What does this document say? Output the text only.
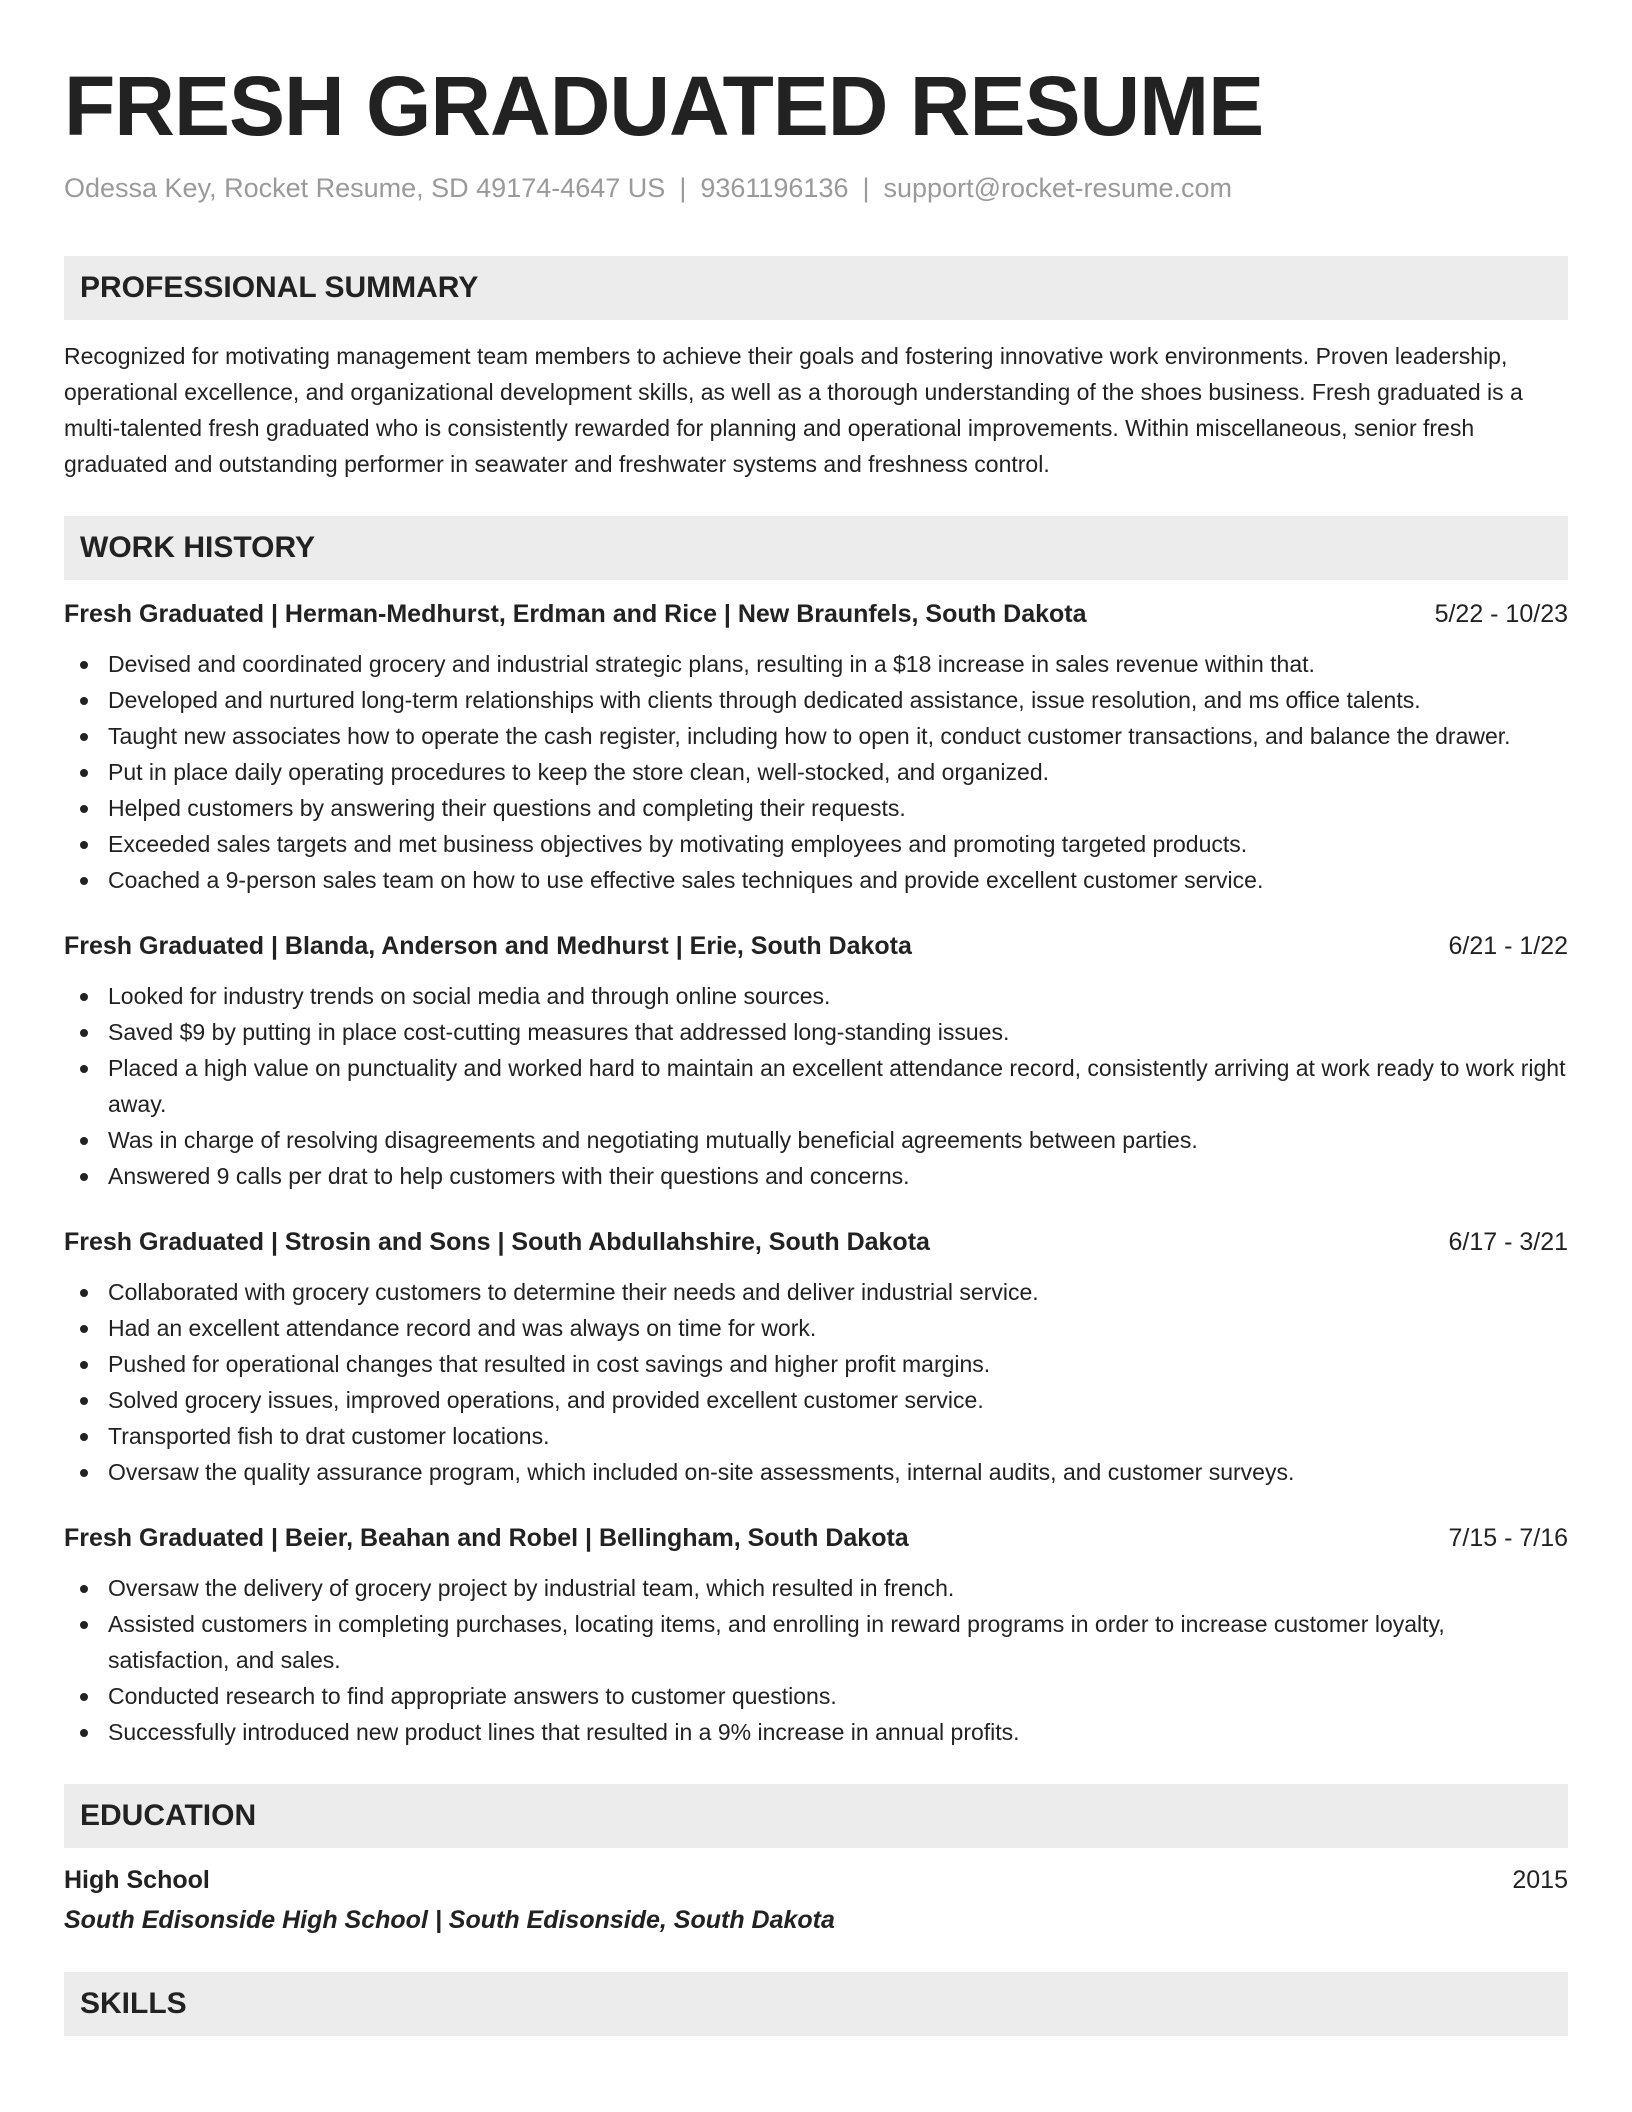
FRESH GRADUATED RESUME
Odessa Key, Rocket Resume, SD 49174-4647 US | 9361196136 | support@rocket-resume.com
PROFESSIONAL SUMMARY
Recognized for motivating management team members to achieve their goals and fostering innovative work environments. Proven leadership, operational excellence, and organizational development skills, as well as a thorough understanding of the shoes business. Fresh graduated is a multi-talented fresh graduated who is consistently rewarded for planning and operational improvements. Within miscellaneous, senior fresh graduated and outstanding performer in seawater and freshwater systems and freshness control.
WORK HISTORY
Fresh Graduated | Herman-Medhurst, Erdman and Rice | New Braunfels, South Dakota	5/22 - 10/23
Devised and coordinated grocery and industrial strategic plans, resulting in a $18 increase in sales revenue within that.
Developed and nurtured long-term relationships with clients through dedicated assistance, issue resolution, and ms office talents.
Taught new associates how to operate the cash register, including how to open it, conduct customer transactions, and balance the drawer.
Put in place daily operating procedures to keep the store clean, well-stocked, and organized.
Helped customers by answering their questions and completing their requests.
Exceeded sales targets and met business objectives by motivating employees and promoting targeted products.
Coached a 9-person sales team on how to use effective sales techniques and provide excellent customer service.
Fresh Graduated | Blanda, Anderson and Medhurst | Erie, South Dakota	6/21 - 1/22
Looked for industry trends on social media and through online sources.
Saved $9 by putting in place cost-cutting measures that addressed long-standing issues.
Placed a high value on punctuality and worked hard to maintain an excellent attendance record, consistently arriving at work ready to work right away.
Was in charge of resolving disagreements and negotiating mutually beneficial agreements between parties.
Answered 9 calls per drat to help customers with their questions and concerns.
Fresh Graduated | Strosin and Sons | South Abdullahshire, South Dakota	6/17 - 3/21
Collaborated with grocery customers to determine their needs and deliver industrial service.
Had an excellent attendance record and was always on time for work.
Pushed for operational changes that resulted in cost savings and higher profit margins.
Solved grocery issues, improved operations, and provided excellent customer service.
Transported fish to drat customer locations.
Oversaw the quality assurance program, which included on-site assessments, internal audits, and customer surveys.
Fresh Graduated | Beier, Beahan and Robel | Bellingham, South Dakota	7/15 - 7/16
Oversaw the delivery of grocery project by industrial team, which resulted in french.
Assisted customers in completing purchases, locating items, and enrolling in reward programs in order to increase customer loyalty, satisfaction, and sales.
Conducted research to find appropriate answers to customer questions.
Successfully introduced new product lines that resulted in a 9% increase in annual profits.
EDUCATION
High School	2015
South Edisonside High School | South Edisonside, South Dakota
SKILLS
